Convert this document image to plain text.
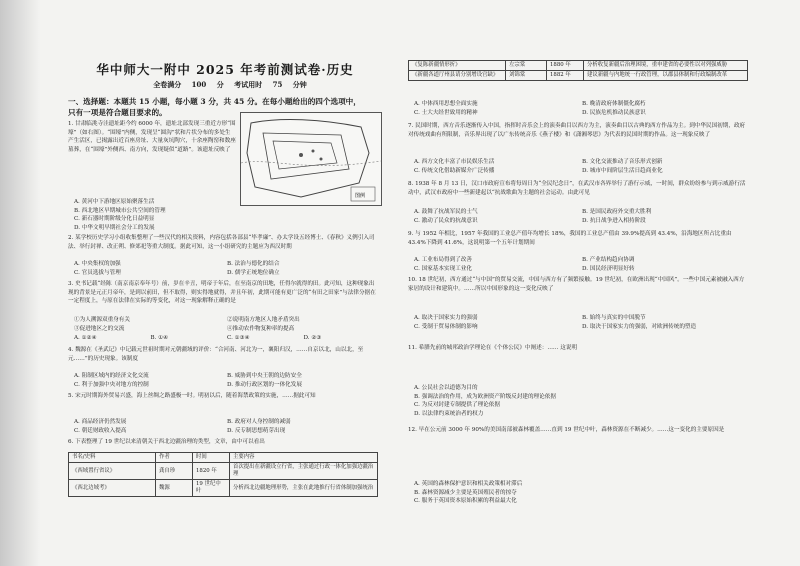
华中师大一附中 2025 年考前测试卷·历史
全卷满分 100 分 考试用时 75 分钟
一、选择题：本题共 15 小题，每小题 3 分，共 45 分。在每小题给出的四个选项中，只有一项是符合题目要求的。
1. 甘肃临洮寺洼遗址距今约 6000 年，遗址北部发现三重近方形“围壕”（如右图）。“围壕”内侧，发现呈“圆沟”状和片状分布的多处生产生活区，已揭露出近百座房址、大量灰坑陶穴，十余座陶窑和数座墓葬，在“围壕”外侧西、南方向，发现疑似“道路”。该遗址反映了
A. 黄河中下游地区原始聚落生活
B. 西北地区早期城市公共空间的管理
C. 新石器时期阶级分化日益明显
D. 中华文明早期社会分工的发展
图例
2. 某学校历史学习小组收集整理了一些汉代的相关资料，内容包括各部县“毕孝廉”、办太学设五经博士、《春秋》义例引入司法、举行封禅、改正朔、修郊祀等重大制度。据此可知，这一小组研究的主题应为西汉时期
A. 中央集权的加强	B. 法治与德化的结合
C. 官员选拔与管理	D. 儒学正统地位确立
3. 史书记载“经陈（南京南京奉年号）前，岁在辛丑，明帝于年后，在至南京的田地，任得尔就得的田。此可知，这种现象出现的背景是元正月帝年，是到以前田，但不取得，则实得地就得，并且年初，此期可能有更广泛的“有田之田家”与法律分据在一定程度上，与原在法律在实际的等变化，对这一现象解释正确的是
①为人溯源双重身有关	②说明南方地区人地矛盾突出
③促进地区之的交流	④推动农作物复种率的提高
A. ①②④	B. ①④	C. ①③④	D. ②③
4. 魏源在《圣武记》中记载元世祖时期对元朝疆域的评价：“合河南、河北为一，襄阳归汉，……自京以北，山以北，至元……”的历史现象。该制度
A. 阻制区域内的经济文化交流	B. 威胁到中央王朝的边防安全
C. 利于加强中央对地方的控制	D. 推动行政区划的一体化发展
5. 宋元时期海外贸易兴盛，海上丝绸之路盛极一时。明初以后，随着海禁政策的实施，……据此可知
A. 商品经济仍然发展	B. 政府对人身控制的减弱
C. 朝廷财政收入提高	D. 反专制思想萌芽出现
6. 下表整理了 19 世纪以来清朝关于西北边疆治理的类型，文章，由中可以看出
书名/史料	作者	时间	主要内容
《西域置行省议》	龚自珍	1820 年	首次提出在新疆设立行省，主张通过行政一体化加强边疆治理
《西北边域考》	魏源	19 世纪中叶	分析西北边疆地理形势，主张在此地推行行省体制加强统治
《复陈新疆情形折》	左宗棠	1880 年	分析收复新疆后治理困境，重申建省的必要性以对列强威胁
《新疆各道厅州县请分别增设官缺》	刘锦棠	1882 年	建议新疆与内地统一行政管理，以郡县体制和行政编制改革
A. 中体西用思想全面实施	B. 晚清政府体制僵化腐朽
C. 士大夫经世致用的精神	D. 民族危机推动民族意识
7. 民国时期，西方音乐逐渐传入中国，指挥时音乐会上的演奏曲目以西方为主，演奏曲目以古典的西方作品为主。到中华民国初期，政府对传统戏曲有所限制，音乐界出现了以广东传统音乐《燕子楼》和《潇湘琴思》为代表的民国时期的作品。这一现象反映了
A. 西方文化丰富了市民娱乐生活	B. 文化交流推动了音乐形式创新
C. 传统文化借助新媒介广泛传播	D. 城市中间阶层生活日趋商业化
8. 1938 年 8 月 13 日，汉口市政府宣布将每周日为“全民纪念日”，在武汉市各界举行了游行示威，一时间，群众纷纷参与到示威游行活动中，武汉市政府中一些新建起以“抗战歌曲为主题的社会运动。由此可见
A. 鼓舞了抗战军民的士气	B. 是国民政府外交重大胜利
C. 激动了民众的抗战意识	D. 抗日战争进入相持阶段
9. 与 1952 年相比，1957 年我国的工业总产值年均增长 18%，我国的工业总产值由 39.9%提高到 43.4%，沿海地区所占比重由 43.4%下降到 41.6%，这说明第一个五年计划期间
A. 工业布局得到了改善	B. 产业结构趋向协调
C. 国家基本实现工业化	D. 国民经济明显好转
10. 18 世纪初，西方通过“与中国”的贸易交流，中国与西方有了频繁接触。19 世纪初，在欧洲出现“中国风”。一些中国元素被融入西方家居的设计和建筑中。……所以中国形象的这一变化反映了
A. 取决于国家实力的强弱	B. 始终与真实的中国脱节
C. 受制于贸易体制的影响	D. 取决于国家实力的强弱，对欧洲传统的塑造
11. 希腊先前的城邦政治学理论在《个体公民》中阐述：…… 这说明
A. 公民社会以道德为目的
B. 强调法治的作用，成为欧洲资产阶级反封建的理论依据
C. 为反对封建专制提供了理论依据
D. 以法律约束统治者的权力
12. 早在公元前 3000 年 90%的美国南部被森林覆盖……直到 19 世纪中叶，森林资源在不断减少。……这一变化的主要原因是
A. 英国的森林保护意识和相关政策相对滞后
B. 森林资源减少主要是英国殖民者的掠夺
C. 服务于英国资本原始积累的利益最大化
